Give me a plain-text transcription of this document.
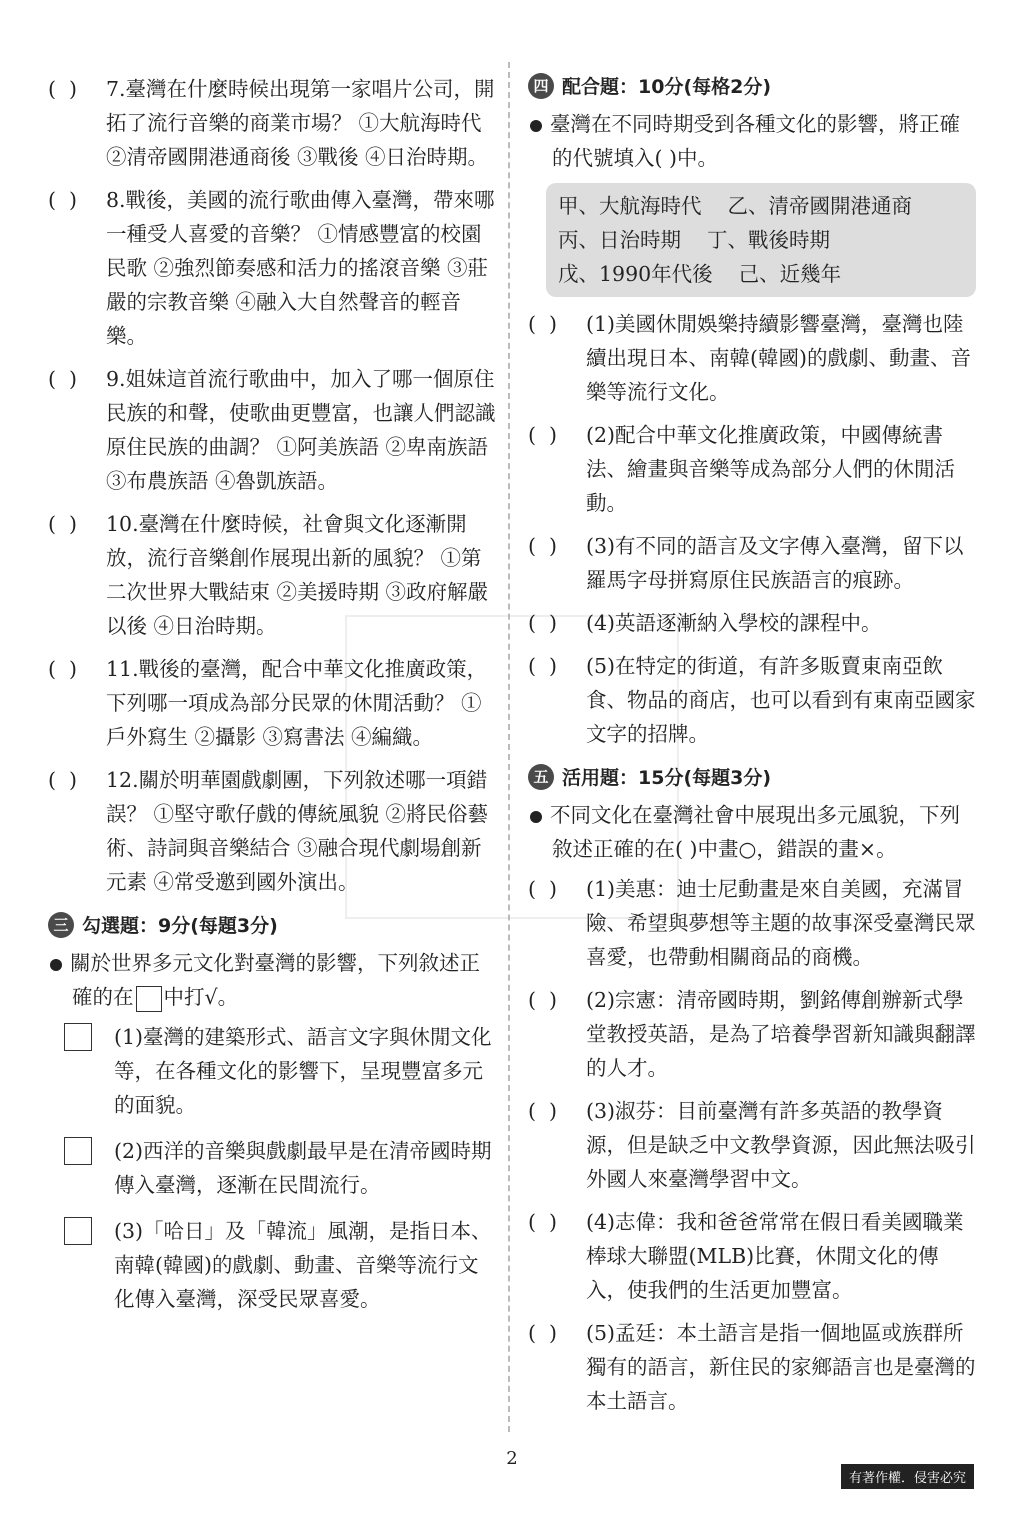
(  )	7.臺灣在什麼時候出現第一家唱片公司，開拓了流行音樂的商業市場？ ①大航海時代 ②清帝國開港通商後 ③戰後 ④日治時期。
(  )	8.戰後，美國的流行歌曲傳入臺灣，帶來哪一種受人喜愛的音樂？ ①情感豐富的校園民歌 ②強烈節奏感和活力的搖滾音樂 ③莊嚴的宗教音樂 ④融入大自然聲音的輕音樂。
(  )	9.姐妹這首流行歌曲中，加入了哪一個原住民族的和聲，使歌曲更豐富，也讓人們認識原住民族的曲調？ ①阿美族語 ②卑南族語 ③布農族語 ④魯凱族語。
(  )	10.臺灣在什麼時候，社會與文化逐漸開放，流行音樂創作展現出新的風貌？ ①第二次世界大戰結束 ②美援時期 ③政府解嚴以後 ④日治時期。
(  )	11.戰後的臺灣，配合中華文化推廣政策，下列哪一項成為部分民眾的休閒活動？ ①戶外寫生 ②攝影 ③寫書法 ④編織。
(  )	12.關於明華園戲劇團，下列敘述哪一項錯誤？ ①堅守歌仔戲的傳統風貌 ②將民俗藝術、詩詞與音樂結合 ③融合現代劇場創新元素 ④常受邀到國外演出。
三 勾選題：9分(每題3分)
關於世界多元文化對臺灣的影響，下列敘述正確的在 中打√。
(1)臺灣的建築形式、語言文字與休閒文化等，在各種文化的影響下，呈現豐富多元的面貌。
(2)西洋的音樂與戲劇最早是在清帝國時期傳入臺灣，逐漸在民間流行。
(3)「哈日」及「韓流」風潮，是指日本、南韓(韓國)的戲劇、動畫、音樂等流行文化傳入臺灣，深受民眾喜愛。
四 配合題：10分(每格2分)
臺灣在不同時期受到各種文化的影響，將正確的代號填入( )中。
甲、大航海時代 乙、清帝國開港通商
丙、日治時期 丁、戰後時期
戊、1990年代後 己、近幾年
(  )	(1)美國休閒娛樂持續影響臺灣，臺灣也陸續出現日本、南韓(韓國)的戲劇、動畫、音樂等流行文化。
(  )	(2)配合中華文化推廣政策，中國傳統書法、繪畫與音樂等成為部分人們的休閒活動。
(  )	(3)有不同的語言及文字傳入臺灣，留下以羅馬字母拼寫原住民族語言的痕跡。
(  )	(4)英語逐漸納入學校的課程中。
(  )	(5)在特定的街道，有許多販賣東南亞飲食、物品的商店，也可以看到有東南亞國家文字的招牌。
五 活用題：15分(每題3分)
不同文化在臺灣社會中展現出多元風貌，下列敘述正確的在( )中畫○，錯誤的畫×。
(  )	(1)美惠：迪士尼動畫是來自美國，充滿冒險、希望與夢想等主題的故事深受臺灣民眾喜愛，也帶動相關商品的商機。
(  )	(2)宗憲：清帝國時期，劉銘傳創辦新式學堂教授英語，是為了培養學習新知識與翻譯的人才。
(  )	(3)淑芬：目前臺灣有許多英語的教學資源，但是缺乏中文教學資源，因此無法吸引外國人來臺灣學習中文。
(  )	(4)志偉：我和爸爸常常在假日看美國職業棒球大聯盟(MLB)比賽，休閒文化的傳入，使我們的生活更加豐富。
(  )	(5)孟廷：本土語言是指一個地區或族群所獨有的語言，新住民的家鄉語言也是臺灣的本土語言。
2
有著作權．侵害必究
